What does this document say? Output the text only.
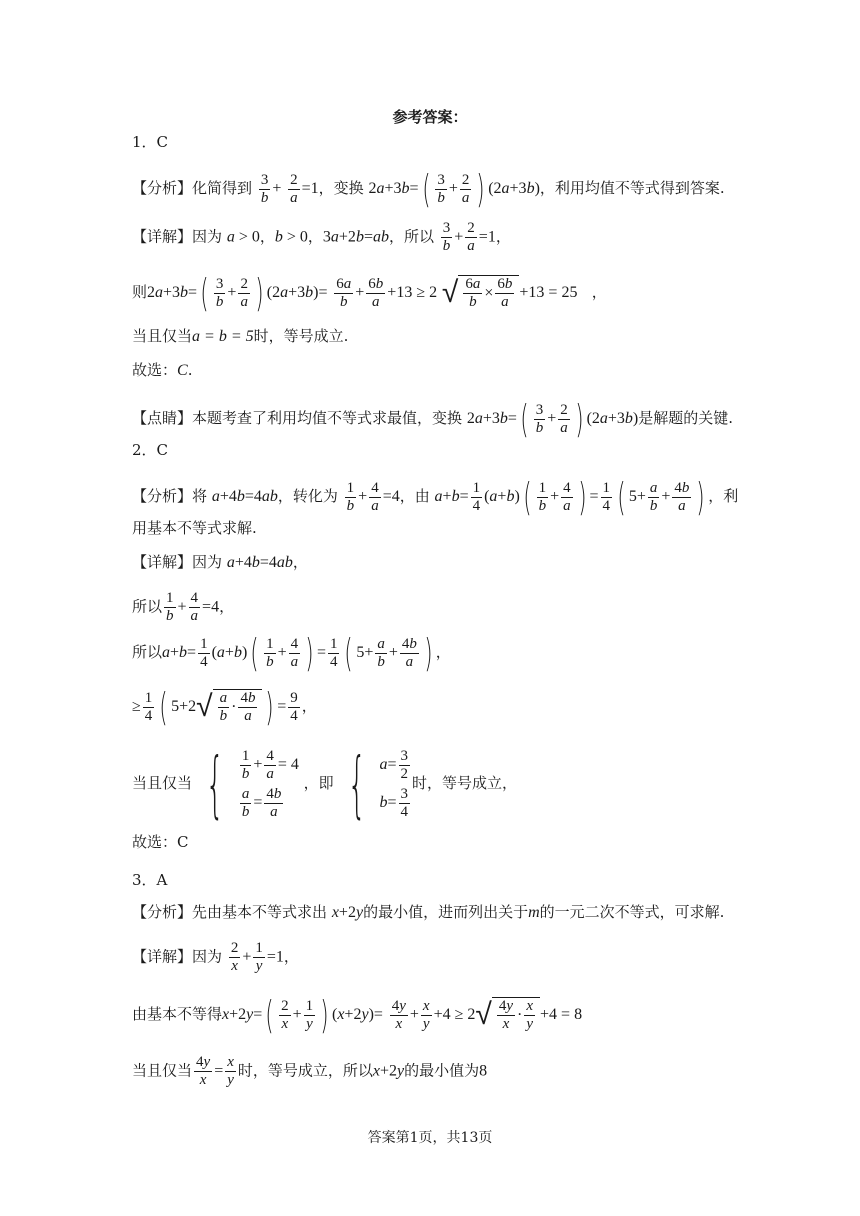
参考答案：
1．C
【分析】化简得到 $\frac{3}{b} + \frac{2}{a} =1$，变换 $2a+3b=( \frac{3}{b} + \frac{2}{a}$ ) (2a+3b)，利用均值不等式得到答案.
【详解】因为 a > 0，b > 0，3a+2b=ab，所以 $\frac{3}{b} + \frac{2}{a} =1$，
则$2a+3b=( \frac{3}{b} + \frac{2}{a}$ ) $(2a+3b)= \frac{6a}{b} + \frac{6b}{a} +13 \ge 2$ √ $\frac{6a}{b} \times \frac{6b}{a} +13 = 25$   ，
当且仅当a = b = 5时，等号成立.
故选：C.
【点睛】本题考查了利用均值不等式求最值，变换 $2a+3b=( \frac{3}{b} + \frac{2}{a}$ ) (2a+3b)是解题的关键.
2．C
【分析】将 a+4b=4ab，转化为 $\frac{1}{b} + \frac{4}{a} =4$，由 $a+b= \frac{1}{4} (a+b)( \frac{1}{b} + \frac{4}{a}$ ) = $\frac{1}{4}$ ( $5+ \frac{a}{b} + \frac{4b}{a}$ ) ，利
用基本不等式求解.
【详解】因为 a+4b=4ab，
所以 $\frac{1}{b} + \frac{4}{a} =4$，
所以$a+b= \frac{1}{4} (a+b)( \frac{1}{b} + \frac{4}{a}$ ) = $\frac{1}{4}$ ( $5+ \frac{a}{b} + \frac{4b}{a}$ ) ，
≥ $\frac{1}{4}$ ( $5+2√ \frac{a}{b} \cdot \frac{4b}{a}$ ) = $\frac{9}{4}$ ，
当且仅当 { $\frac{1}{b} + \frac{4}{a} = 4$
$\frac{a}{b} = \frac{4b}{a}$
，即 { $a = \frac{3}{2}$
$b = \frac{3}{4}$
时，等号成立，
故选：C
3．A
【分析】先由基本不等式求出 x+2y的最小值，进而列出关于m的一元二次不等式，可求解.
【详解】因为 $\frac{2}{x} + \frac{1}{y} =1$，
由基本不等得$x+2y=( \frac{2}{x} + \frac{1}{y}$ ) $(x+2y)= \frac{4y}{x} + \frac{x}{y} +4 \ge 2√ \frac{4y}{x} \cdot \frac{x}{y} +4 = 8$
当且仅当 $\frac{4y}{x} = \frac{x}{y}$ 时，等号成立，所以x+2y的最小值为8
答案第1页，共13页
